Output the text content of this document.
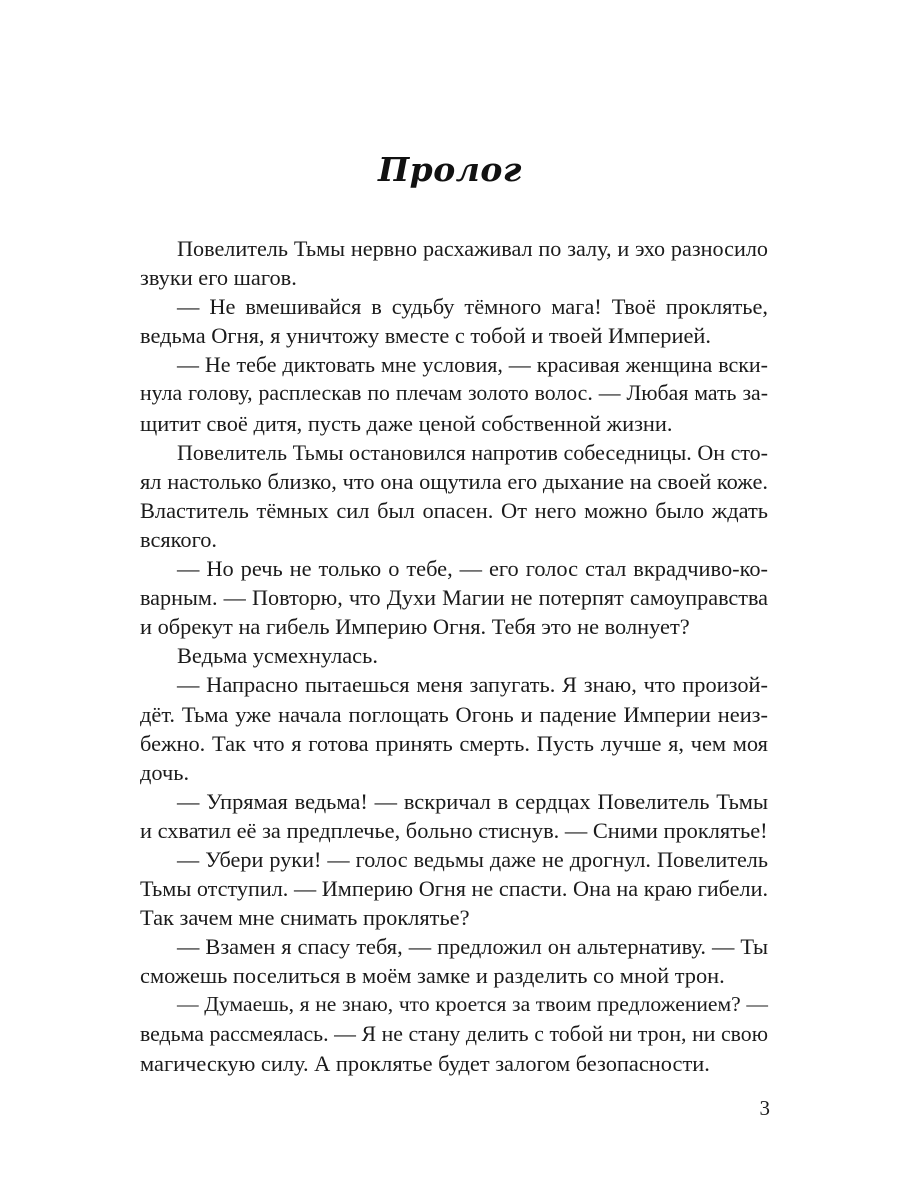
Пролог
Повелитель Тьмы нервно расхаживал по залу, и эхо разносило
звуки его шагов.
— Не вмешивайся в судьбу тёмного мага! Твоё проклятье,
ведьма Огня, я уничтожу вместе с тобой и твоей Империей.
— Не тебе диктовать мне условия, — красивая женщина вски-
нула голову, расплескав по плечам золото волос. — Любая мать за-
щитит своё дитя, пусть даже ценой собственной жизни.
Повелитель Тьмы остановился напротив собеседницы. Он сто-
ял настолько близко, что она ощутила его дыхание на своей коже.
Властитель тёмных сил был опасен. От него можно было ждать
всякого.
— Но речь не только о тебе, — его голос стал вкрадчиво-ко-
варным. — Повторю, что Духи Магии не потерпят самоуправства
и обрекут на гибель Империю Огня. Тебя это не волнует?
Ведьма усмехнулась.
— Напрасно пытаешься меня запугать. Я знаю, что произой-
дёт. Тьма уже начала поглощать Огонь и падение Империи неиз-
бежно. Так что я готова принять смерть. Пусть лучше я, чем моя
дочь.
— Упрямая ведьма! — вскричал в сердцах Повелитель Тьмы
и схватил её за предплечье, больно стиснув. — Сними проклятье!
— Убери руки! — голос ведьмы даже не дрогнул. Повелитель
Тьмы отступил. — Империю Огня не спасти. Она на краю гибели.
Так зачем мне снимать проклятье?
— Взамен я спасу тебя, — предложил он альтернативу. — Ты
сможешь поселиться в моём замке и разделить со мной трон.
— Думаешь, я не знаю, что кроется за твоим предложением? —
ведьма рассмеялась. — Я не стану делить с тобой ни трон, ни свою
магическую силу. А проклятье будет залогом безопасности.
3
